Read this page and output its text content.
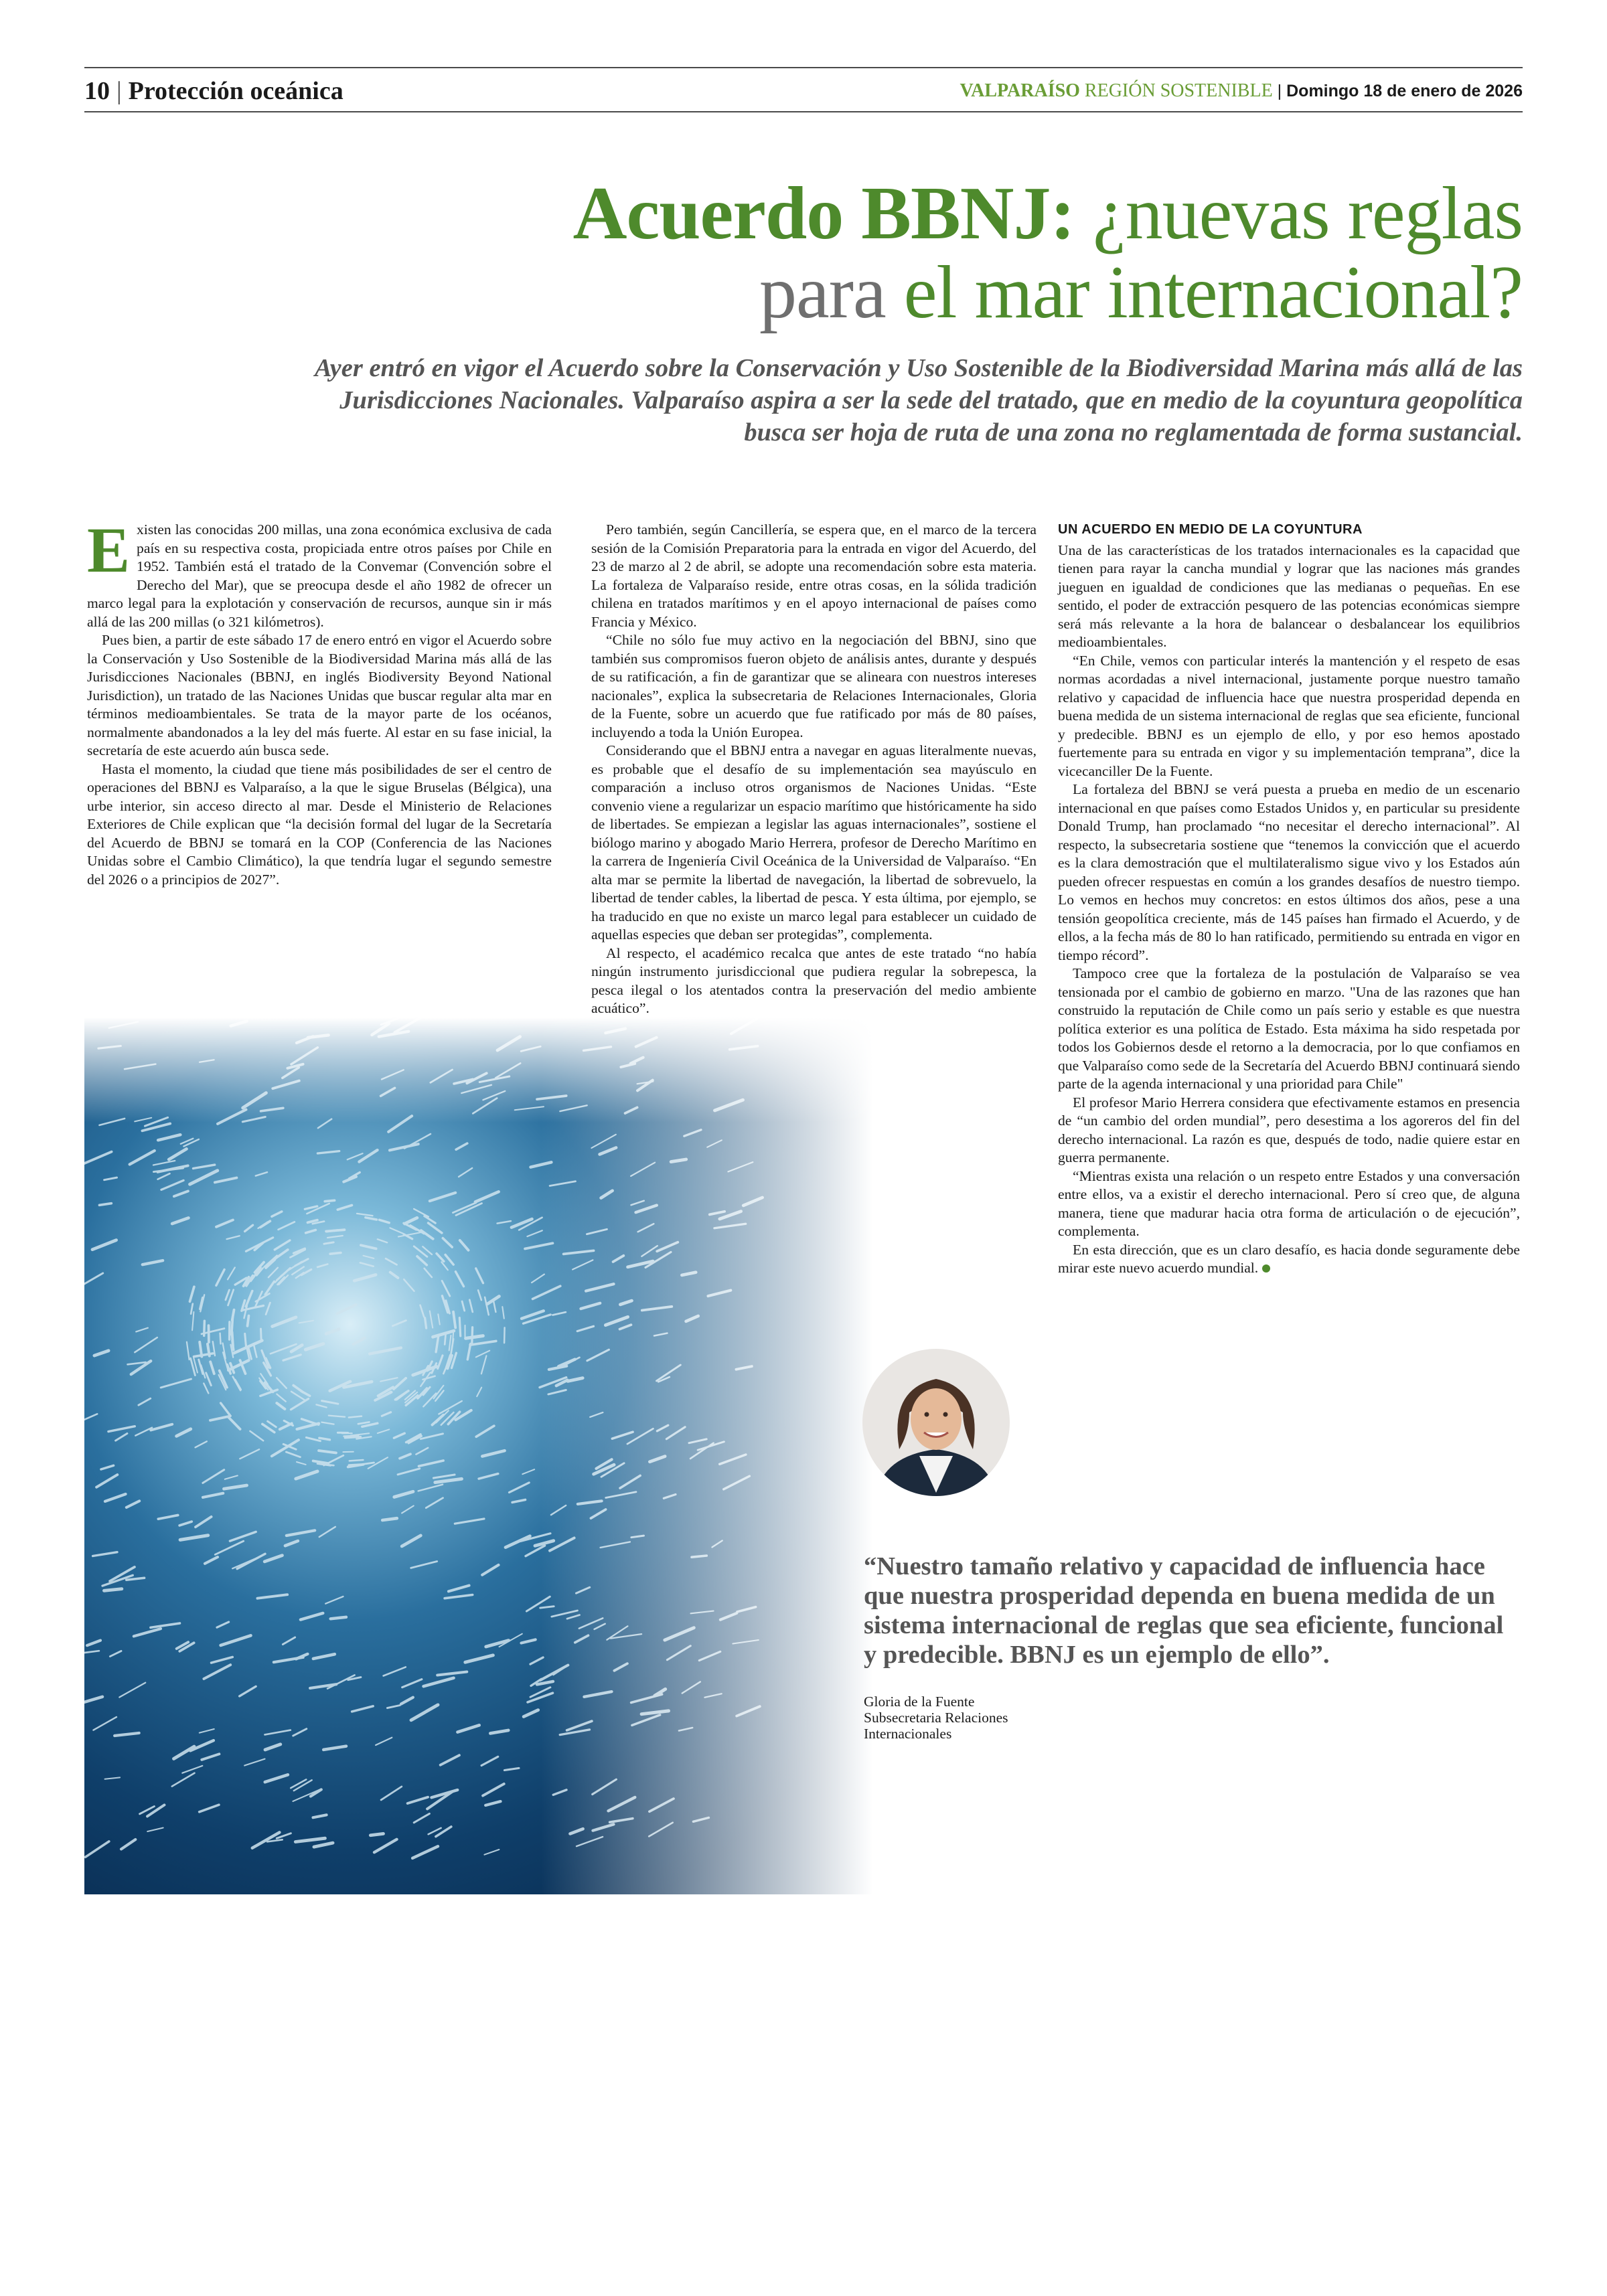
10 | Protección oceánica	VALPARAÍSO REGIÓN SOSTENIBLE | Domingo 18 de enero de 2026
Acuerdo BBNJ: ¿nuevas reglas
para el mar internacional?
Ayer entró en vigor el Acuerdo sobre la Conservación y Uso Sostenible de la Biodiversidad Marina más allá de las Jurisdicciones Nacionales. Valparaíso aspira a ser la sede del tratado, que en medio de la coyuntura geopolítica busca ser hoja de ruta de una zona no reglamentada de forma sustancial.

Existen las conocidas 200 millas, una zona económica exclusiva de cada país en su respectiva costa, propiciada entre otros países por Chile en 1952. También está el tratado de la Convemar (Convención sobre el Derecho del Mar), que se preocupa desde el año 1982 de ofrecer un marco legal para la explotación y conservación de recursos, aunque sin ir más allá de las 200 millas (o 321 kilómetros).

Pues bien, a partir de este sábado 17 de enero entró en vigor el Acuerdo sobre la Conservación y Uso Sostenible de la Biodiversidad Marina más allá de las Jurisdicciones Nacionales (BBNJ, en inglés Biodiversity Beyond National Jurisdiction), un tratado de las Naciones Unidas que buscar regular alta mar en términos medioambientales. Se trata de la mayor parte de los océanos, normalmente abandonados a la ley del más fuerte. Al estar en su fase inicial, la secretaría de este acuerdo aún busca sede.

Hasta el momento, la ciudad que tiene más posibilidades de ser el centro de operaciones del BBNJ es Valparaíso, a la que le sigue Bruselas (Bélgica), una urbe interior, sin acceso directo al mar. Desde el Ministerio de Relaciones Exteriores de Chile explican que “la decisión formal del lugar de la Secretaría del Acuerdo de BBNJ se tomará en la COP (Conferencia de las Naciones Unidas sobre el Cambio Climático), la que tendría lugar el segundo semestre del 2026 o a principios de 2027”.

Pero también, según Cancillería, se espera que, en el marco de la tercera sesión de la Comisión Preparatoria para la entrada en vigor del Acuerdo, del 23 de marzo al 2 de abril, se adopte una recomendación sobre esta materia. La fortaleza de Valparaíso reside, entre otras cosas, en la sólida tradición chilena en tratados marítimos y en el apoyo internacional de países como Francia y México.

“Chile no sólo fue muy activo en la negociación del BBNJ, sino que también sus compromisos fueron objeto de análisis antes, durante y después de su ratificación, a fin de garantizar que se alineara con nuestros intereses nacionales”, explica la subsecretaria de Relaciones Internacionales, Gloria de la Fuente, sobre un acuerdo que fue ratificado por más de 80 países, incluyendo a toda la Unión Europea.

Considerando que el BBNJ entra a navegar en aguas literalmente nuevas, es probable que el desafío de su implementación sea mayúsculo en comparación a incluso otros organismos de Naciones Unidas. “Este convenio viene a regularizar un espacio marítimo que históricamente ha sido de libertades. Se empiezan a legislar las aguas internacionales”, sostiene el biólogo marino y abogado Mario Herrera, profesor de Derecho Marítimo en la carrera de Ingeniería Civil Oceánica de la Universidad de Valparaíso. “En alta mar se permite la libertad de navegación, la libertad de sobrevuelo, la libertad de tender cables, la libertad de pesca. Y esta última, por ejemplo, se ha traducido en que no existe un marco legal para establecer un cuidado de aquellas especies que deban ser protegidas”, complementa.

Al respecto, el académico recalca que antes de este tratado “no había ningún instrumento jurisdiccional que pudiera regular la sobrepesca, la pesca ilegal o los atentados contra la preservación del medio ambiente acuático”.

UN ACUERDO EN MEDIO DE LA COYUNTURA

Una de las características de los tratados internacionales es la capacidad que tienen para rayar la cancha mundial y lograr que las naciones más grandes jueguen en igualdad de condiciones que las medianas o pequeñas. En ese sentido, el poder de extracción pesquero de las potencias económicas siempre será más relevante a la hora de balancear o desbalancear los equilibrios medioambientales.

“En Chile, vemos con particular interés la mantención y el respeto de esas normas acordadas a nivel internacional, justamente porque nuestro tamaño relativo y capacidad de influencia hace que nuestra prosperidad dependa en buena medida de un sistema internacional de reglas que sea eficiente, funcional y predecible. BBNJ es un ejemplo de ello, y por eso hemos apostado fuertemente para su entrada en vigor y su implementación temprana”, dice la vicecanciller De la Fuente.

La fortaleza del BBNJ se verá puesta a prueba en medio de un escenario internacional en que países como Estados Unidos y, en particular su presidente Donald Trump, han proclamado “no necesitar el derecho internacional”. Al respecto, la subsecretaria sostiene que “tenemos la convicción que el acuerdo es la clara demostración que el multilateralismo sigue vivo y los Estados aún pueden ofrecer respuestas en común a los grandes desafíos de nuestro tiempo. Lo vemos en hechos muy concretos: en estos últimos dos años, pese a una tensión geopolítica creciente, más de 145 países han firmado el Acuerdo, y de ellos, a la fecha más de 80 lo han ratificado, permitiendo su entrada en vigor en tiempo récord”.

Tampoco cree que la fortaleza de la postulación de Valparaíso se vea tensionada por el cambio de gobierno en marzo. "Una de las razones que han construido la reputación de Chile como un país serio y estable es que nuestra política exterior es una política de Estado. Esta máxima ha sido respetada por todos los Gobiernos desde el retorno a la democracia, por lo que confiamos en que Valparaíso como sede de la Secretaría del Acuerdo BBNJ continuará siendo parte de la agenda internacional y una prioridad para Chile"

El profesor Mario Herrera considera que efectivamente estamos en presencia de “un cambio del orden mundial”, pero desestima a los agoreros del fin del derecho internacional. La razón es que, después de todo, nadie quiere estar en guerra permanente.

“Mientras exista una relación o un respeto entre Estados y una conversación entre ellos, va a existir el derecho internacional. Pero sí creo que, de alguna manera, tiene que madurar hacia otra forma de articulación o de ejecución”, complementa.

En esta dirección, que es un claro desafío, es hacia donde seguramente debe mirar este nuevo acuerdo mundial.

“Nuestro tamaño relativo y capacidad de influencia hace que nuestra prosperidad dependa en buena medida de un sistema internacional de reglas que sea eficiente, funcional y predecible. BBNJ es un ejemplo de ello”.
Gloria de la Fuente
Subsecretaria Relaciones Internacionales
